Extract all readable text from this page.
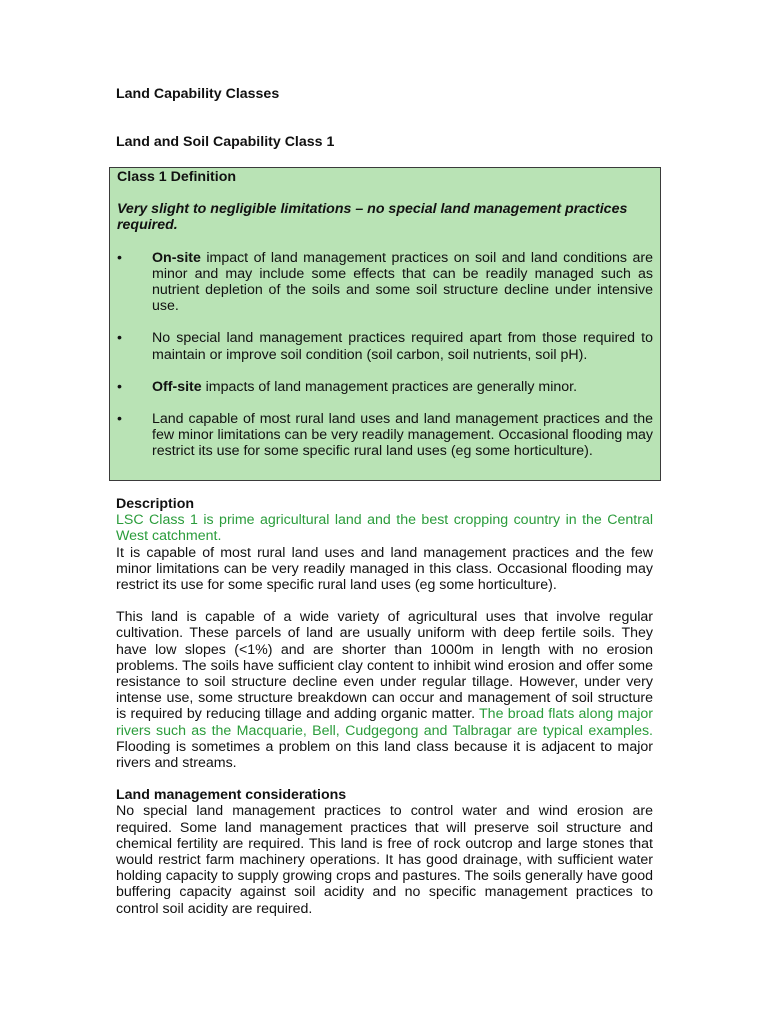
Land Capability Classes

Land and Soil Capability Class 1

Class 1 Definition

Very slight to negligible limitations – no special land management practices required.

•	On-site impact of land management practices on soil and land conditions are minor and may include some effects that can be readily managed such as nutrient depletion of the soils and some soil structure decline under intensive use.
•	No special land management practices required apart from those required to maintain or improve soil condition (soil carbon, soil nutrients, soil pH).
•	Off-site impacts of land management practices are generally minor.
•	Land capable of most rural land uses and land management practices and the few minor limitations can be very readily management. Occasional flooding may restrict its use for some specific rural land uses (eg some horticulture).

Description

LSC Class 1 is prime agricultural land and the best cropping country in the Central West catchment.

It is capable of most rural land uses and land management practices and the few minor limitations can be very readily managed in this class. Occasional flooding may restrict its use for some specific rural land uses (eg some horticulture).

This land is capable of a wide variety of agricultural uses that involve regular cultivation. These parcels of land are usually uniform with deep fertile soils. They have low slopes (<1%) and are shorter than 1000m in length with no erosion problems. The soils have sufficient clay content to inhibit wind erosion and offer some resistance to soil structure decline even under regular tillage. However, under very intense use, some structure breakdown can occur and management of soil structure is required by reducing tillage and adding organic matter. The broad flats along major rivers such as the Macquarie, Bell, Cudgegong and Talbragar are typical examples. Flooding is sometimes a problem on this land class because it is adjacent to major rivers and streams.

Land management considerations

No special land management practices to control water and wind erosion are required. Some land management practices that will preserve soil structure and chemical fertility are required. This land is free of rock outcrop and large stones that would restrict farm machinery operations. It has good drainage, with sufficient water holding capacity to supply growing crops and pastures. The soils generally have good buffering capacity against soil acidity and no specific management practices to control soil acidity are required.
